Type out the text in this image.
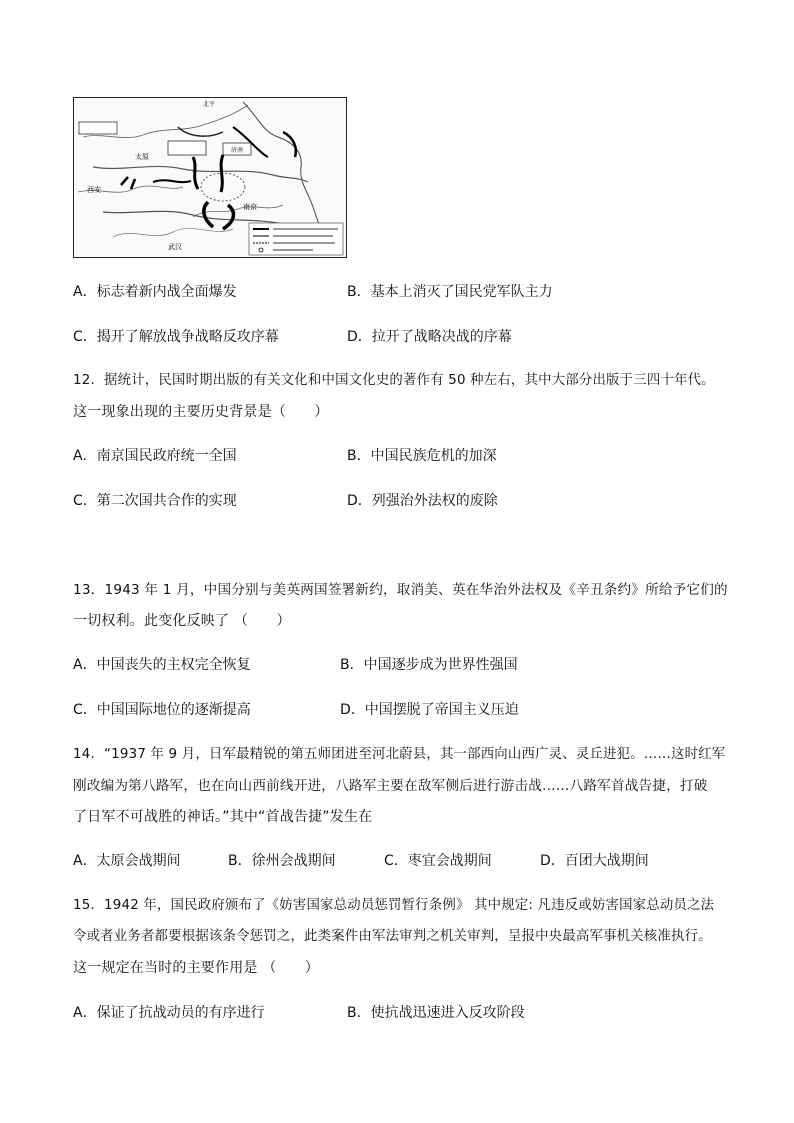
北平
太原
西安
南京
武汉
济南
A．标志着新内战全面爆发	B．基本上消灭了国民党军队主力
C．揭开了解放战争战略反攻序幕	D．拉开了战略决战的序幕
12．据统计，民国时期出版的有关文化和中国文化史的著作有 50 种左右，其中大部分出版于三四十年代。
这一现象出现的主要历史背景是（　　）
A．南京国民政府统一全国	B．中国民族危机的加深
C．第二次国共合作的实现	D．列强治外法权的废除
13．1943 年 1 月，中国分别与美英两国签署新约，取消美、英在华治外法权及《辛丑条约》所给予它们的
一切权利。此变化反映了 （　　）
A．中国丧失的主权完全恢复	B．中国逐步成为世界性强国
C．中国国际地位的逐渐提高	D．中国摆脱了帝国主义压迫
14．“1937 年 9 月，日军最精锐的第五师团进至河北蔚县，其一部西向山西广灵、灵丘进犯。……这时红军
刚改编为第八路军，也在向山西前线开进，八路军主要在敌军侧后进行游击战……八路军首战告捷，打破
了日军不可战胜的神话。”其中“首战告捷”发生在
A．太原会战期间	B．徐州会战期间	C．枣宜会战期间	D．百团大战期间
15．1942 年，国民政府颁布了《妨害国家总动员惩罚暂行条例》 其中规定: 凡违反或妨害国家总动员之法
令或者业务者都要根据该条令惩罚之，此类案件由军法审判之机关审判，呈报中央最高军事机关核准执行。
这一规定在当时的主要作用是 （　　）
A．保证了抗战动员的有序进行	B．使抗战迅速进入反攻阶段
